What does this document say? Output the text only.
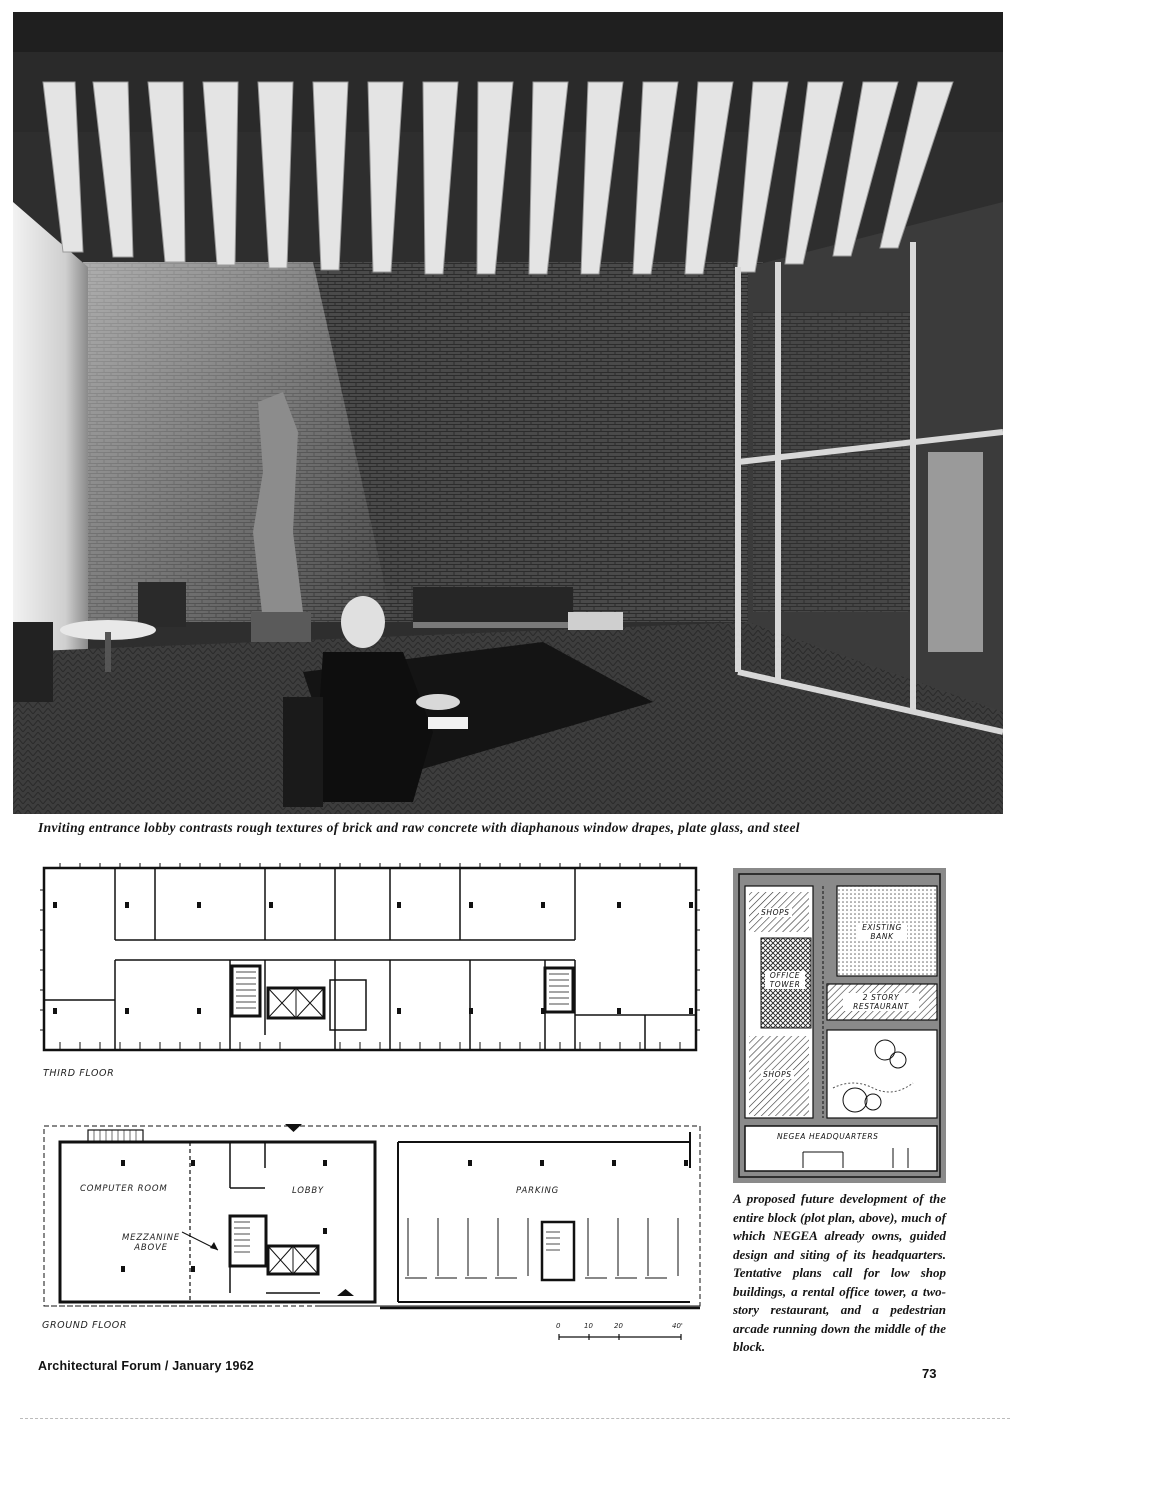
Inviting entrance lobby contrasts rough textures of brick and raw concrete with diaphanous window drapes, plate glass, and steel
THIRD FLOOR
COMPUTER ROOM	LOBBY	PARKING
MEZZANINE ABOVE
GROUND FLOOR	0	10	20	40'
SHOPS
EXISTING BANK
OFFICE TOWER
2 STORY RESTAURANT
SHOPS
NEGEA HEADQUARTERS
A proposed future development of the entire block (plot plan, above), much of which NEGEA already owns, guided design and siting of its headquarters. Tentative plans call for low shop buildings, a rental office tower, a two-story restaurant, and a pedestrian arcade running down the middle of the block.
Architectural Forum / January 1962	73
